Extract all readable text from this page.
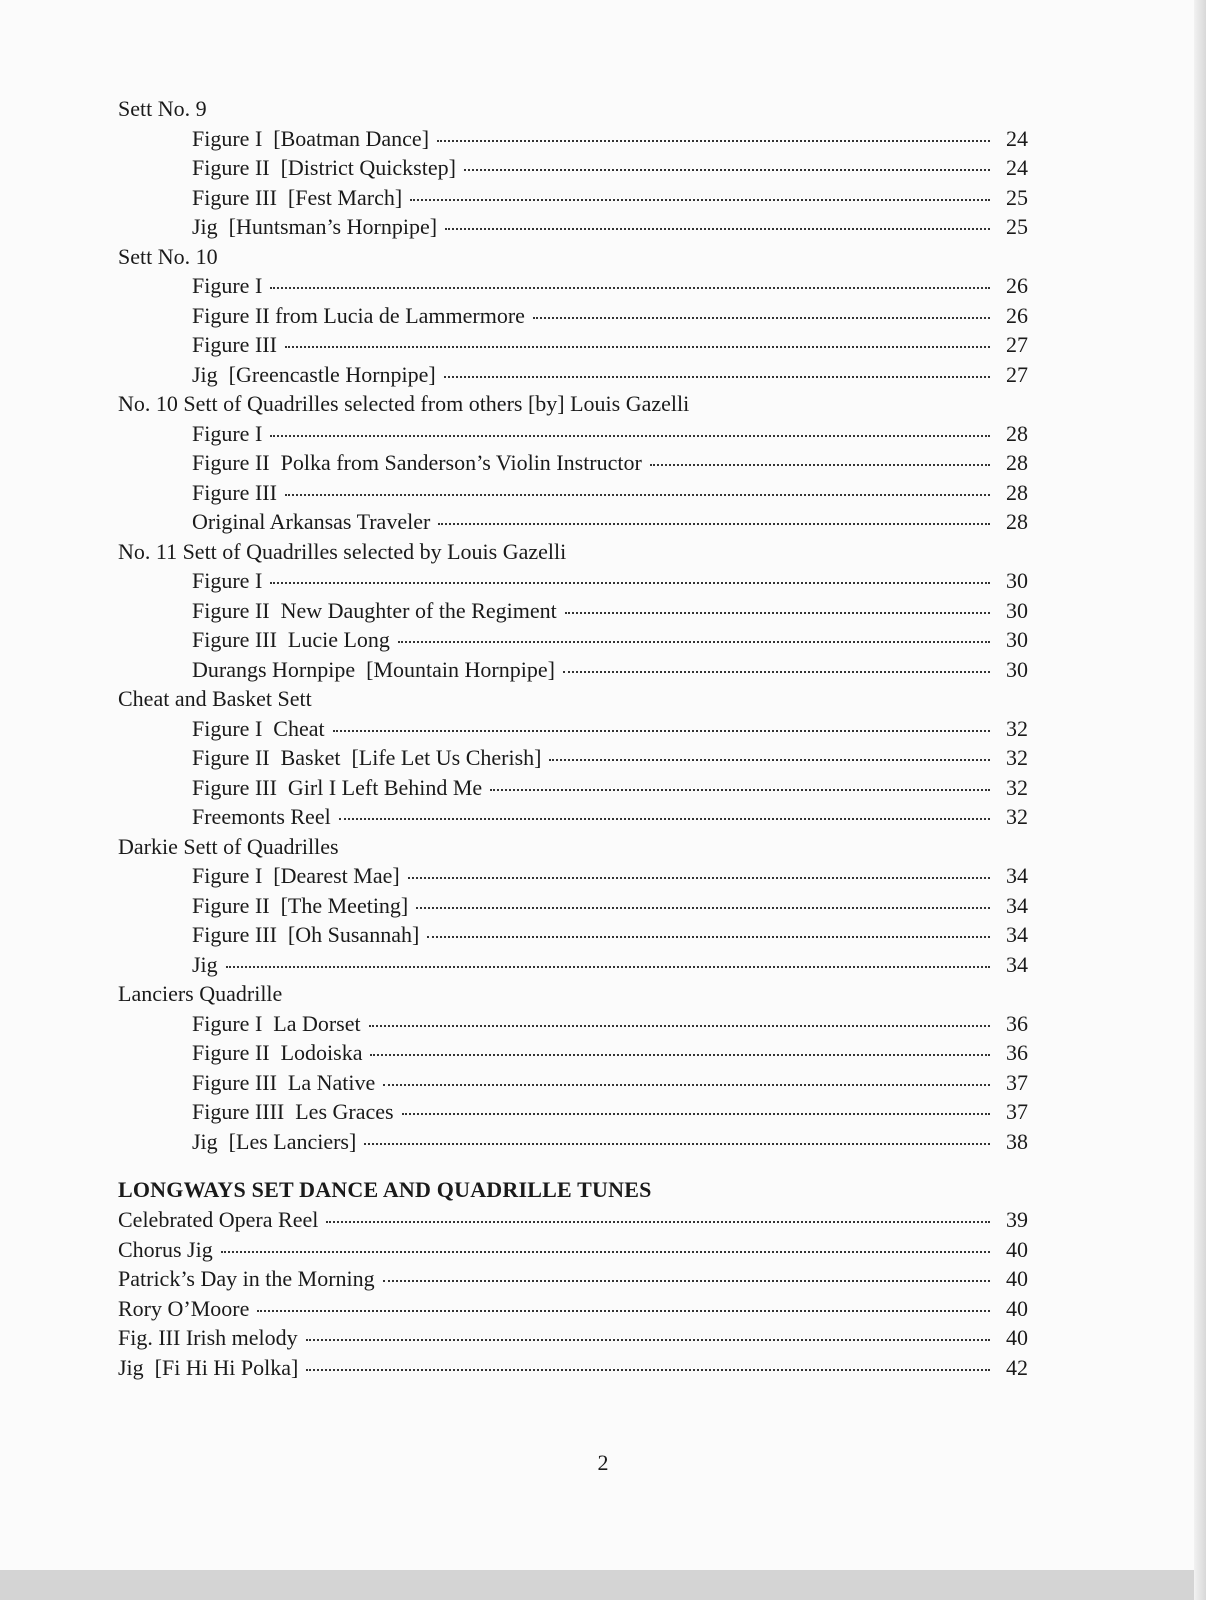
Sett No. 9
Figure I  [Boatman Dance]	24
Figure II  [District Quickstep]	24
Figure III  [Fest March]	25
Jig  [Huntsman’s Hornpipe]	25
Sett No. 10
Figure I	26
Figure II from Lucia de Lammermore	26
Figure III	27
Jig  [Greencastle Hornpipe]	27
No. 10 Sett of Quadrilles selected from others [by] Louis Gazelli
Figure I	28
Figure II  Polka from Sanderson’s Violin Instructor	28
Figure III	28
Original Arkansas Traveler	28
No. 11 Sett of Quadrilles selected by Louis Gazelli
Figure I	30
Figure II  New Daughter of the Regiment	30
Figure III  Lucie Long	30
Durangs Hornpipe  [Mountain Hornpipe]	30
Cheat and Basket Sett
Figure I  Cheat	32
Figure II  Basket  [Life Let Us Cherish]	32
Figure III  Girl I Left Behind Me	32
Freemonts Reel	32
Darkie Sett of Quadrilles
Figure I  [Dearest Mae]	34
Figure II  [The Meeting]	34
Figure III  [Oh Susannah]	34
Jig	34
Lanciers Quadrille
Figure I  La Dorset	36
Figure II  Lodoiska	36
Figure III  La Native	37
Figure IIII  Les Graces	37
Jig  [Les Lanciers]	38
LONGWAYS SET DANCE AND QUADRILLE TUNES
Celebrated Opera Reel	39
Chorus Jig	40
Patrick’s Day in the Morning	40
Rory O’Moore	40
Fig. III Irish melody	40
Jig  [Fi Hi Hi Polka]	42
2
